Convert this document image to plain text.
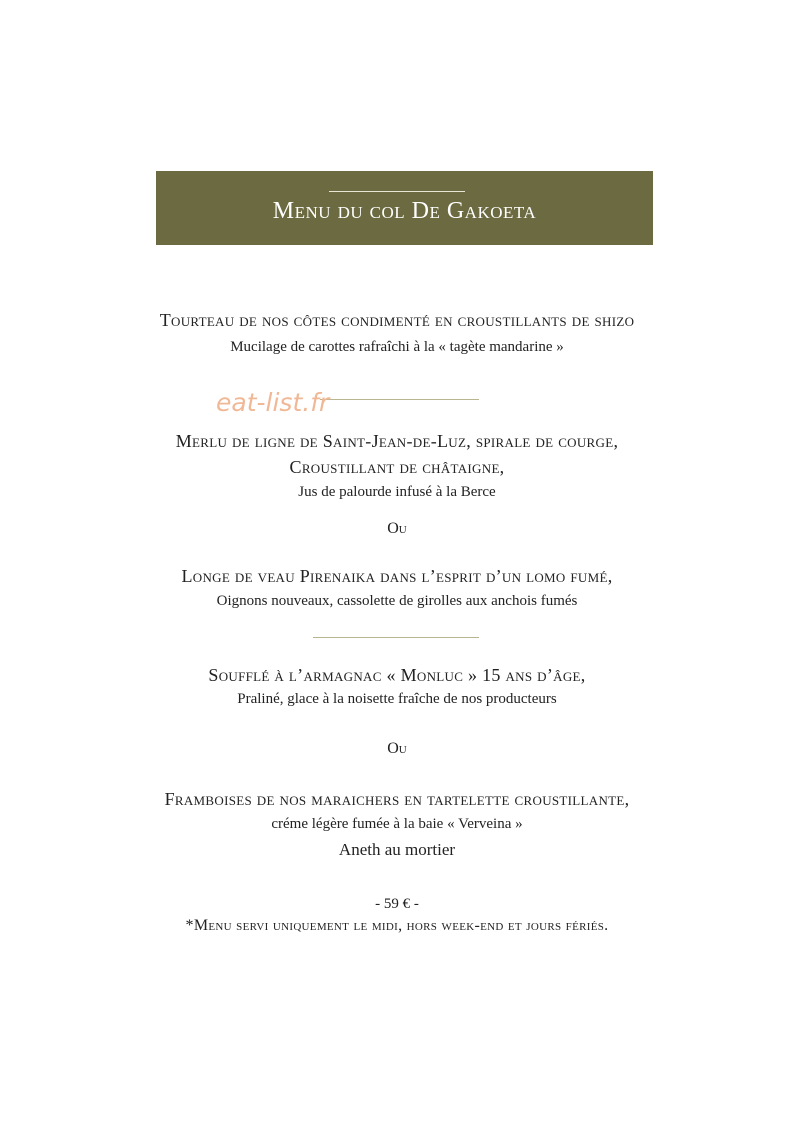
Menu du col De Gakoeta
Tourteau de nos côtes condimenté en croustillants de shizo
Mucilage de carottes rafraîchi à la « tagète mandarine »
eat-list.fr
Merlu de ligne de Saint-Jean-de-Luz, spirale de courge,
Croustillant de châtaigne,
Jus de palourde infusé à la Berce
Ou
Longe de veau Pirenaika dans l’esprit d’un lomo fumé,
Oignons nouveaux, cassolette de girolles aux anchois fumés
Soufflé à l’armagnac « Monluc » 15 ans d’âge,
Praliné, glace à la noisette fraîche de nos producteurs
Ou
Framboises de nos maraichers en tartelette croustillante,
créme légère fumée à la baie « Verveina »
Aneth au mortier
- 59 € -
*Menu servi uniquement le midi, hors week-end et jours fériés.
